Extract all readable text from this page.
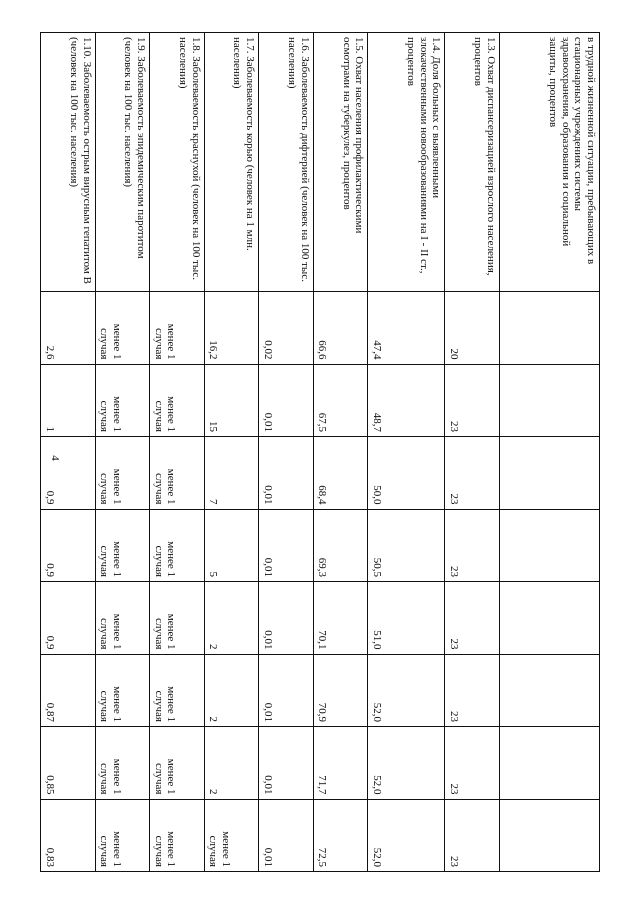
4
в трудной жизненной ситуации, пребывающих в стационарных учреждениях системы здравоохранения, образования и социальной защиты, процентов								
1.3. Охват диспансеризацией взрослого населения, процентов	20	23	23	23	23	23	23	23
1.4. Доля больных с выявленными злокачественными новообразованиями на I - II ст., процентов	47,4	48,7	50,0	50,5	51,0	52,0	52,0	52,0
1.5. Охват населения профилактическими осмотрами на туберкулез, процентов	66,6	67,5	68,4	69,3	70,1	70,9	71,7	72,5
1.6. Заболеваемость дифтерией (человек на 100 тыс. населения)	0,02	0,01	0,01	0,01	0,01	0,01	0,01	0,01
1.7. Заболеваемость корью (человек на 1 млн. населения)	16,2	15	7	5	2	2	2	менее 1 случая
1.8. Заболеваемость краснухой (человек на 100 тыс. населения)	менее 1 случая	менее 1 случая	менее 1 случая	менее 1 случая	менее 1 случая	менее 1 случая	менее 1 случая	менее 1 случая
1.9. Заболеваемость эпидемическим паротитом (человек на 100 тыс. населения)	менее 1 случая	менее 1 случая	менее 1 случая	менее 1 случая	менее 1 случая	менее 1 случая	менее 1 случая	менее 1 случая
1.10. Заболеваемость острым вирусным гепатитом В (человек на 100 тыс. населения)	2,6	1	0,9	0,9	0,9	0,87	0,85	0,83
